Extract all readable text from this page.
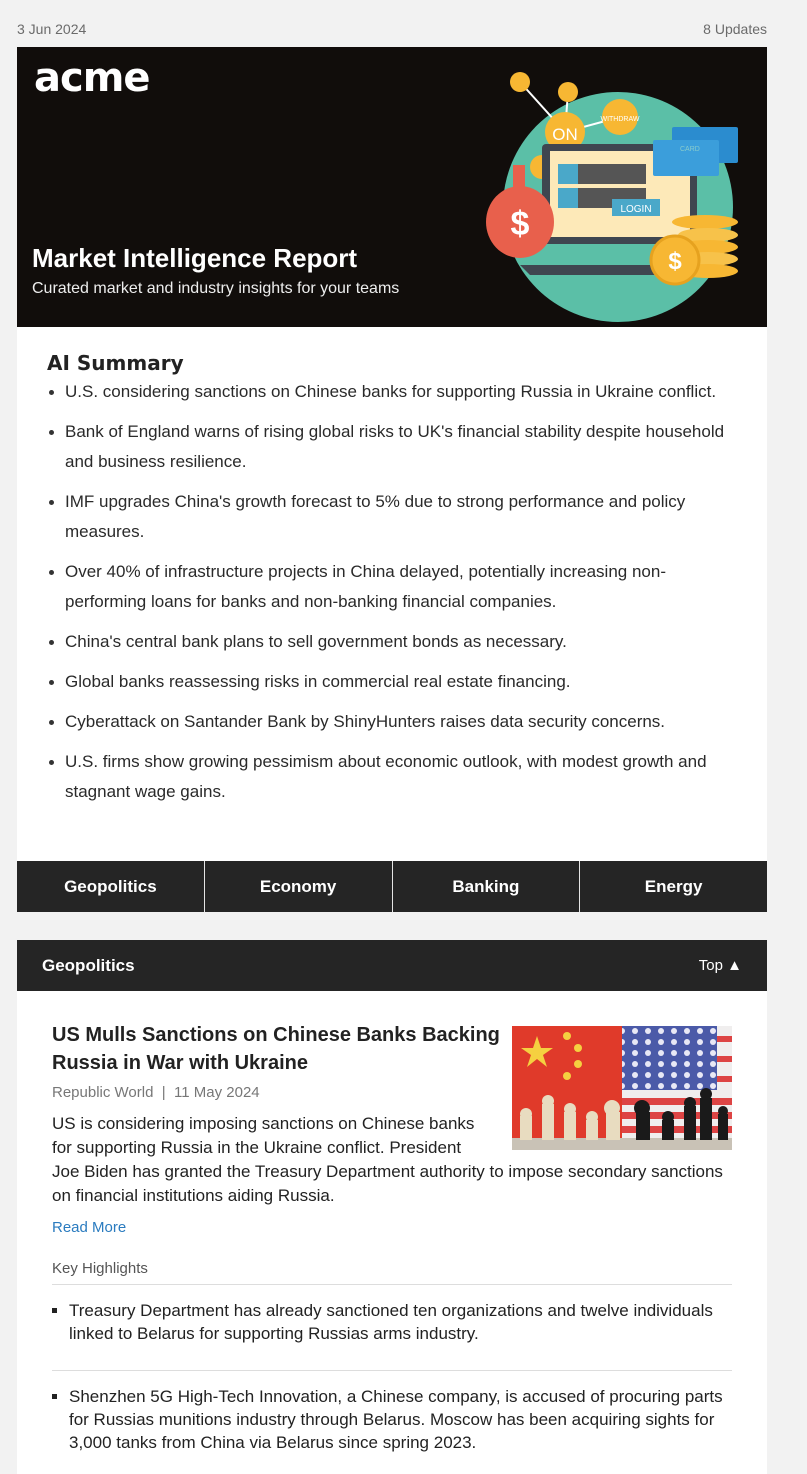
3 Jun 2024	8 Updates
acme
Market Intelligence Report
Curated market and industry insights for your teams
ON
WITHDRAW
LOGIN
CARD
$
$
AI Summary
U.S. considering sanctions on Chinese banks for supporting Russia in Ukraine conflict.
Bank of England warns of rising global risks to UK's financial stability despite household and business resilience.
IMF upgrades China's growth forecast to 5% due to strong performance and policy measures.
Over 40% of infrastructure projects in China delayed, potentially increasing non-performing loans for banks and non-banking financial companies.
China's central bank plans to sell government bonds as necessary.
Global banks reassessing risks in commercial real estate financing.
Cyberattack on Santander Bank by ShinyHunters raises data security concerns.
U.S. firms show growing pessimism about economic outlook, with modest growth and stagnant wage gains.
Geopolitics	Economy	Banking	Energy
Geopolitics	Top ▲
US Mulls Sanctions on Chinese Banks Backing Russia in War with Ukraine
Republic World | 11 May 2024
US is considering imposing sanctions on Chinese banks for supporting Russia in the Ukraine conflict. President Joe Biden has granted the Treasury Department authority to impose secondary sanctions on financial institutions aiding Russia.
Read More
Key Highlights
Treasury Department has already sanctioned ten organizations and twelve individuals linked to Belarus for supporting Russias arms industry.
Shenzhen 5G High-Tech Innovation, a Chinese company, is accused of procuring parts for Russias munitions industry through Belarus. Moscow has been acquiring sights for 3,000 tanks from China via Belarus since spring 2023.
